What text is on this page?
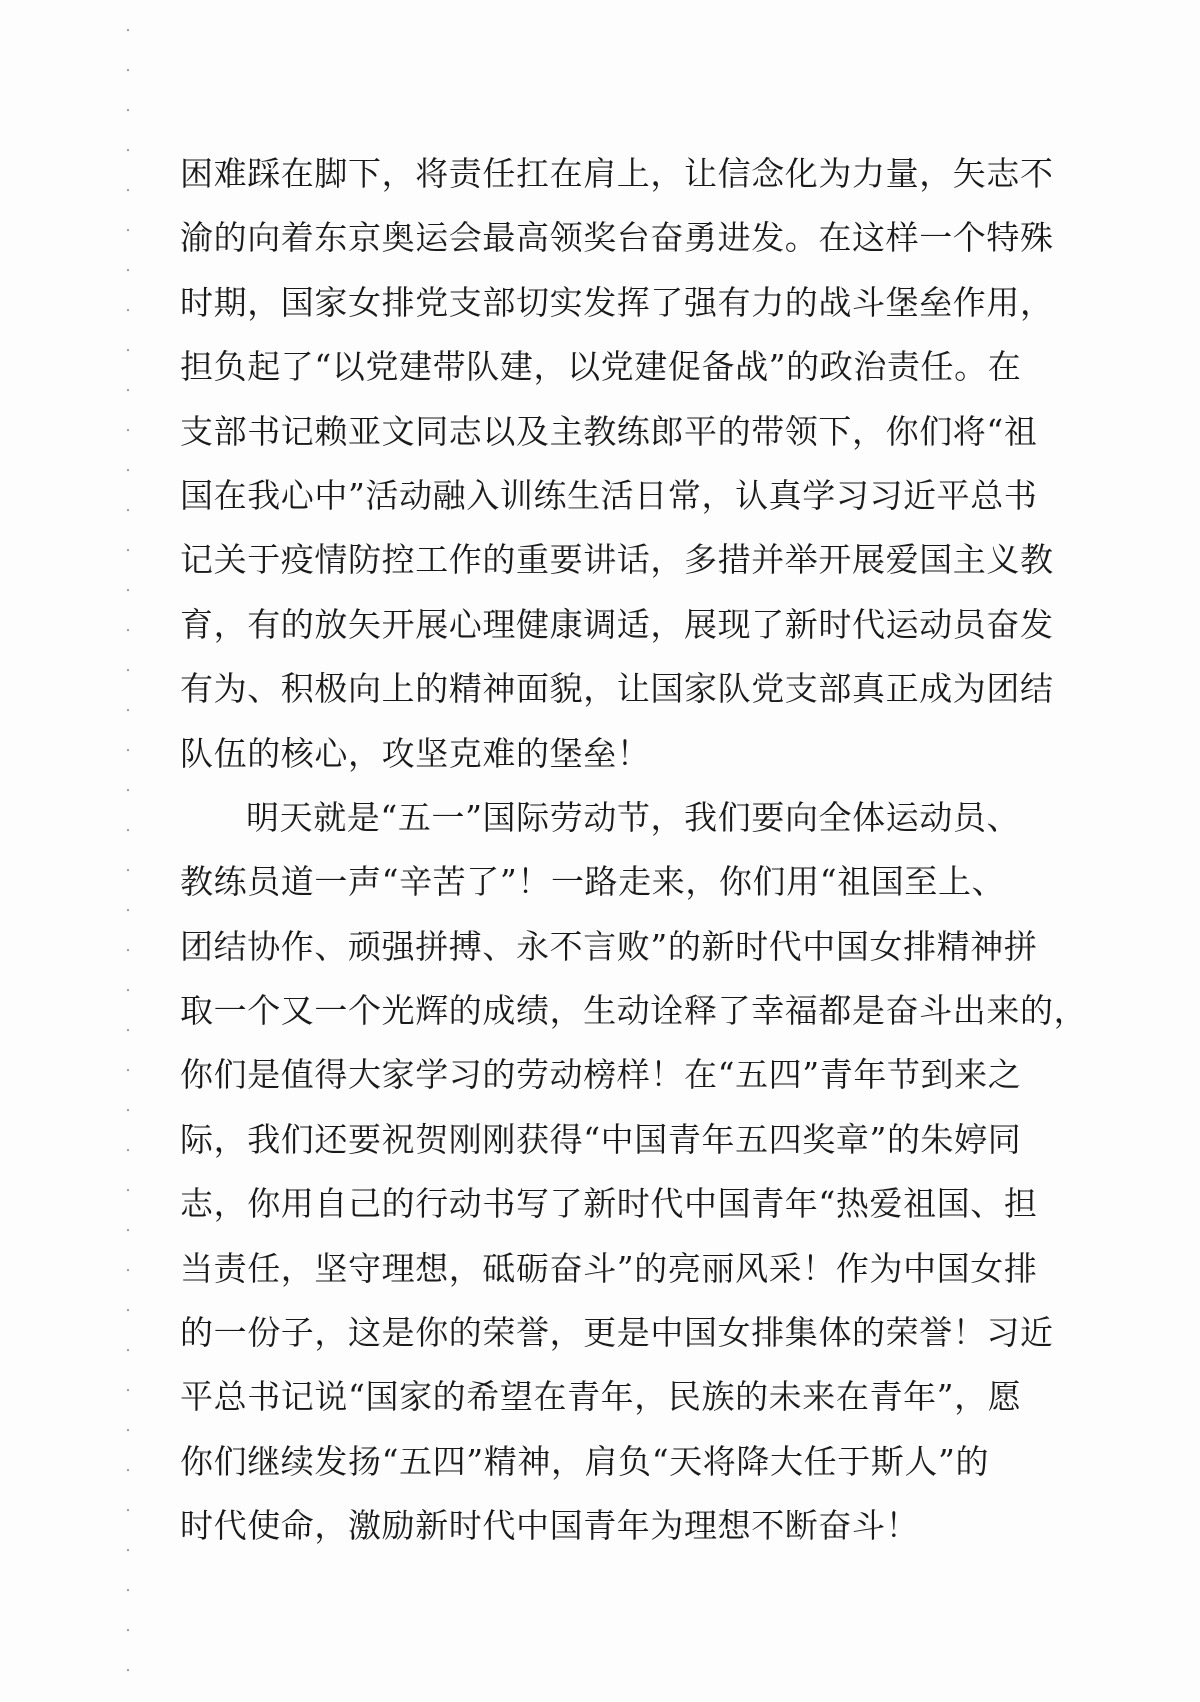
困难踩在脚下，将责任扛在肩上，让信念化为力量，矢志不
渝的向着东京奥运会最高领奖台奋勇进发。在这样一个特殊
时期，国家女排党支部切实发挥了强有力的战斗堡垒作用，
担负起了“以党建带队建，以党建促备战”的政治责任。在
支部书记赖亚文同志以及主教练郎平的带领下，你们将“祖
国在我心中”活动融入训练生活日常，认真学习习近平总书
记关于疫情防控工作的重要讲话，多措并举开展爱国主义教
育，有的放矢开展心理健康调适，展现了新时代运动员奋发
有为、积极向上的精神面貌，让国家队党支部真正成为团结
队伍的核心，攻坚克难的堡垒！
明天就是“五一”国际劳动节，我们要向全体运动员、
教练员道一声“辛苦了”！一路走来，你们用“祖国至上、
团结协作、顽强拼搏、永不言败”的新时代中国女排精神拼
取一个又一个光辉的成绩，生动诠释了幸福都是奋斗出来的，
你们是值得大家学习的劳动榜样！在“五四”青年节到来之
际，我们还要祝贺刚刚获得“中国青年五四奖章”的朱婷同
志，你用自己的行动书写了新时代中国青年“热爱祖国、担
当责任，坚守理想，砥砺奋斗”的亮丽风采！作为中国女排
的一份子，这是你的荣誉，更是中国女排集体的荣誉！习近
平总书记说“国家的希望在青年，民族的未来在青年”，愿
你们继续发扬“五四”精神，肩负“天将降大任于斯人”的
时代使命，激励新时代中国青年为理想不断奋斗！
